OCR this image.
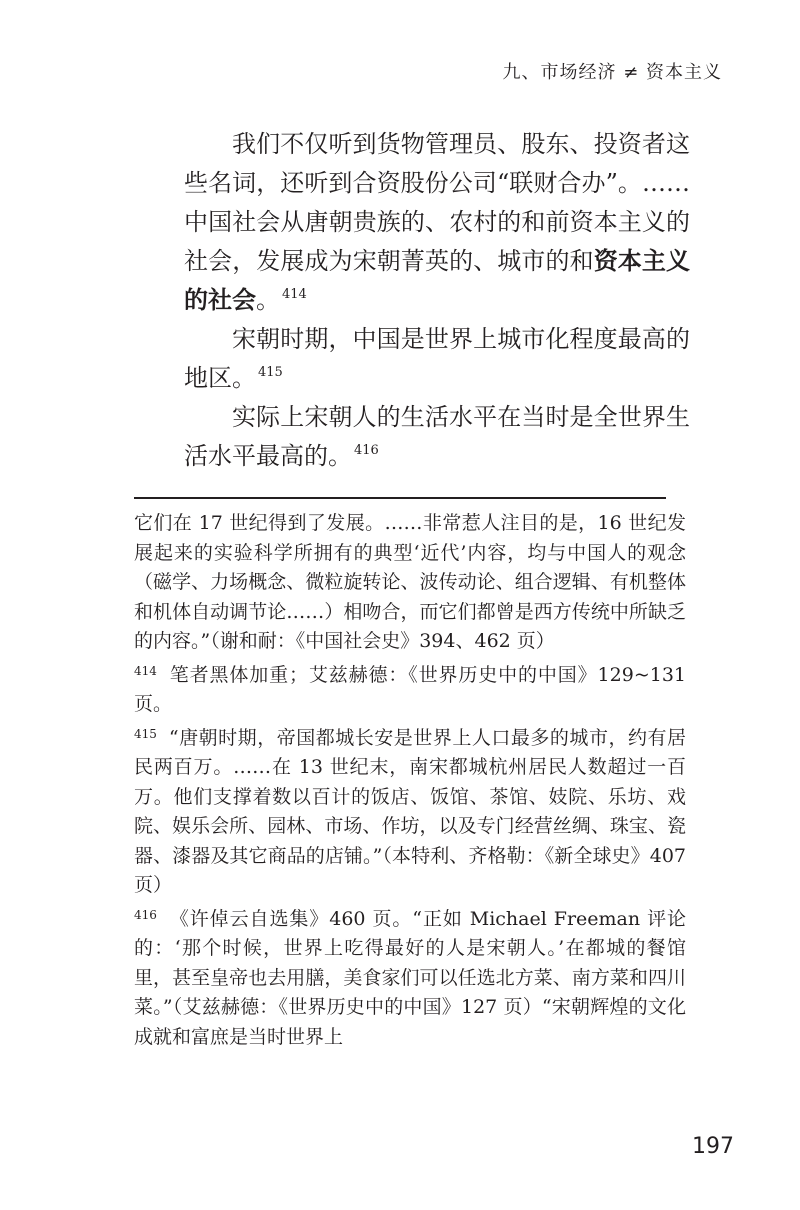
九、市场经济 ≠ 资本主义

我们不仅听到货物管理员、股东、投资者这些名词，还听到合资股份公司“联财合办”。…… 中国社会从唐朝贵族的、农村的和前资本主义的社会，发展成为宋朝菁英的、城市的和资本主义的社会。 $^{414}$

宋朝时期，中国是世界上城市化程度最高的地区。 $^{415}$

实际上宋朝人的生活水平在当时是全世界生活水平最高的。 $^{416}$

它们在 17 世纪得到了发展。……非常惹人注目的是，16 世纪发展起来的实验科学所拥有的典型‘近代’内容，均与中国人的观念（磁学、力场概念、微粒旋转论、波传动论、组合逻辑、有机整体和机体自动调节论……）相吻合，而它们都曾是西方传统中所缺乏的内容。”（谢和耐：《中国社会史》394、462 页）

$^{414}$ 笔者黑体加重；艾兹赫德：《世界历史中的中国》129~131 页。

$^{415}$ “唐朝时期，帝国都城长安是世界上人口最多的城市，约有居民两百万。……在 13 世纪末，南宋都城杭州居民人数超过一百万。他们支撑着数以百计的饭店、饭馆、茶馆、妓院、乐坊、戏院、娱乐会所、园林、市场、作坊，以及专门经营丝绸、珠宝、瓷器、漆器及其它商品的店铺。”（本特利、齐格勒：《新全球史》407 页）

$^{416}$ 《许倬云自选集》460 页。“正如 Michael Freeman 评论的：‘那个时候，世界上吃得最好的人是宋朝人。’在都城的餐馆里，甚至皇帝也去用膳，美食家们可以任选北方菜、南方菜和四川菜。”（艾兹赫德：《世界历史中的中国》127 页）“宋朝辉煌的文化成就和富庶是当时世界上

197
